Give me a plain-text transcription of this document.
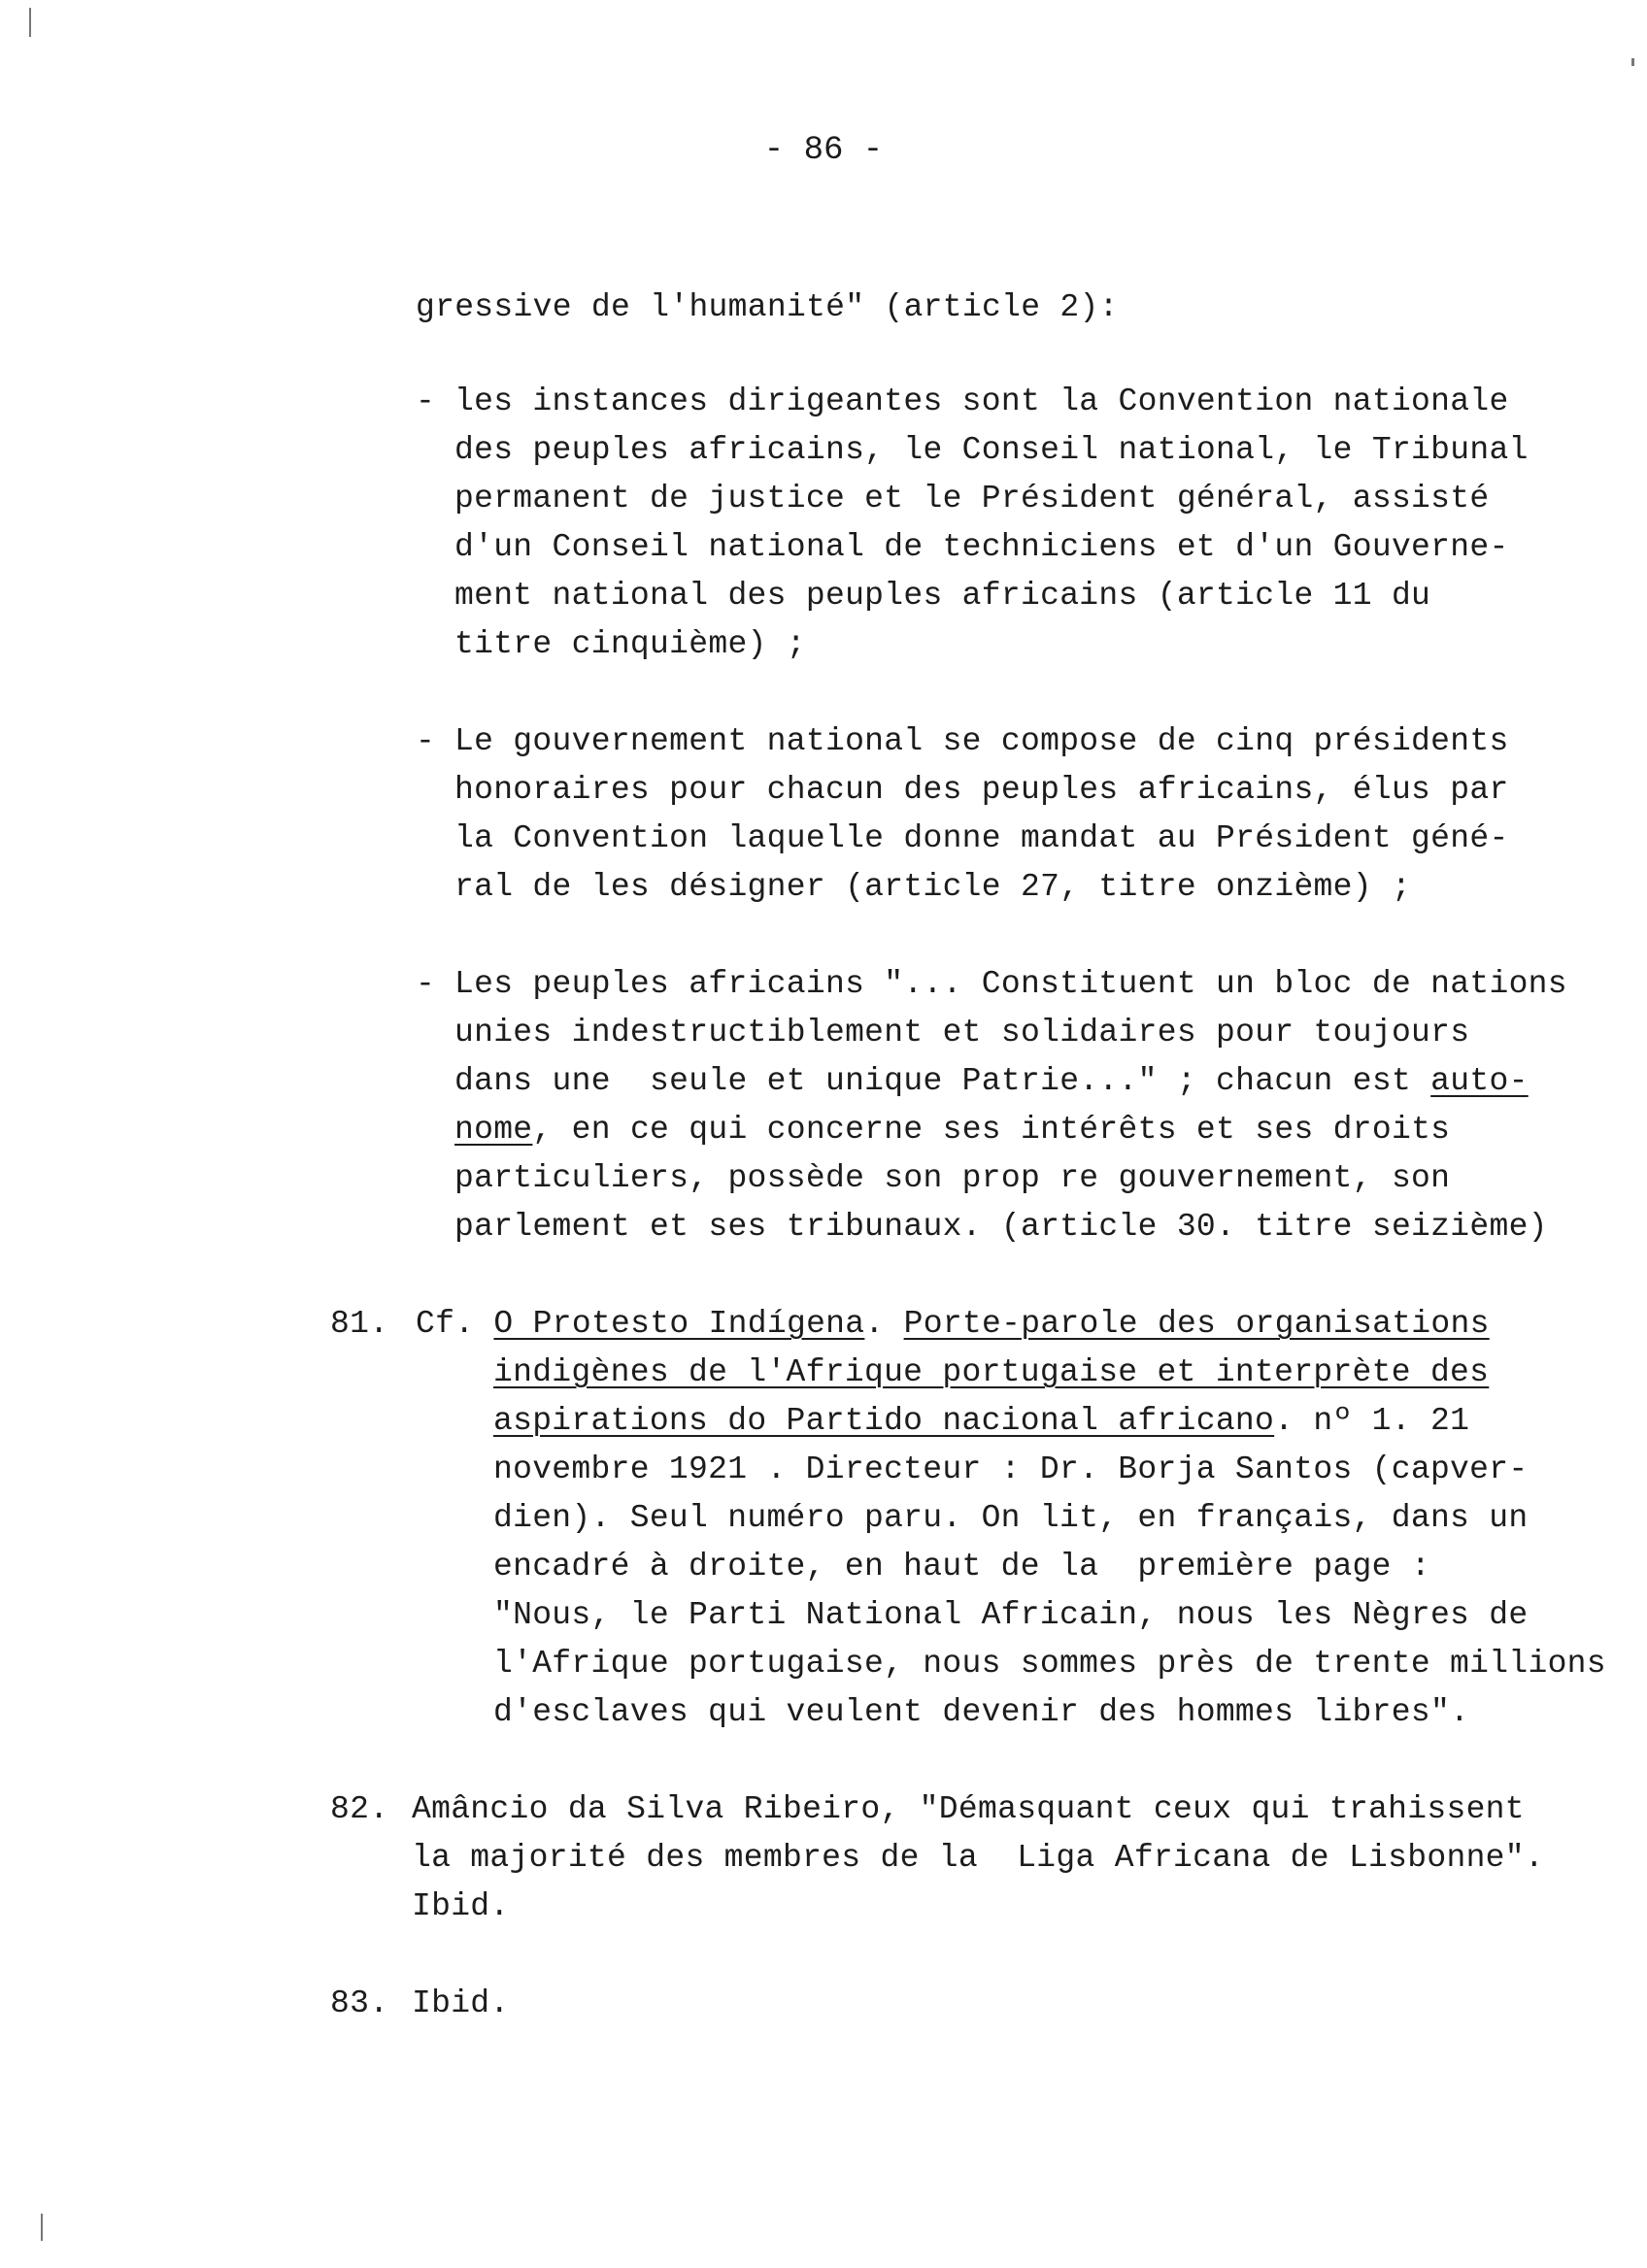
- 86 -
gressive de l'humanité" (article 2):
- les instances dirigeantes sont la Convention nationale
des peuples africains, le Conseil national, le Tribunal
permanent de justice et le Président général, assisté
d'un Conseil national de techniciens et d'un Gouverne-
ment national des peuples africains (article 11 du
titre cinquième) ;
- Le gouvernement national se compose de cinq présidents
honoraires pour chacun des peuples africains, élus par
la Convention laquelle donne mandat au Président géné-
ral de les désigner (article 27, titre onzième) ;
- Les peuples africains "... Constituent un bloc de nations
unies indestructiblement et solidaires pour toujours
dans une  seule et unique Patrie..." ; chacun est auto-
nome, en ce qui concerne ses intérêts et ses droits
particuliers, possède son prop re gouvernement, son
parlement et ses tribunaux. (article 30. titre seizième)
81. Cf. O Protesto Indígena. Porte-parole des organisations
indigènes de l'Afrique portugaise et interprète des
aspirations do Partido nacional africano. nº 1. 21
novembre 1921 . Directeur : Dr. Borja Santos (capver-
dien). Seul numéro paru. On lit, en français, dans un
encadré à droite, en haut de la  première page :
"Nous, le Parti National Africain, nous les Nègres de
l'Afrique portugaise, nous sommes près de trente millions
d'esclaves qui veulent devenir des hommes libres".
82. Amâncio da Silva Ribeiro, "Démasquant ceux qui trahissent
la majorité des membres de la  Liga Africana de Lisbonne".
Ibid.
83. Ibid.
